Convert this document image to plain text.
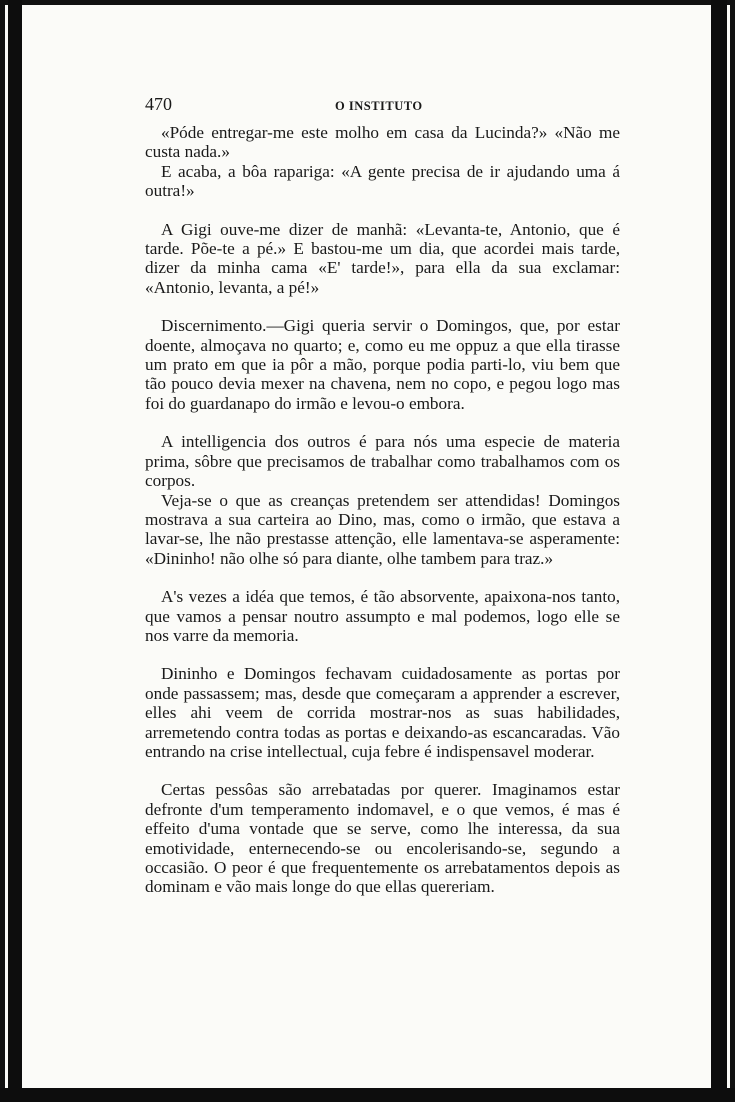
470	O INSTITUTO

«Póde entregar-me este molho em casa da Lucinda?» «Não me custa nada.»

E acaba, a bôa rapariga: «A gente precisa de ir ajudando uma á outra!»

A Gigi ouve-me dizer de manhã: «Levanta-te, Antonio, que é tarde. Põe-te a pé.» E bastou-me um dia, que acordei mais tarde, dizer da minha cama «E' tarde!», para ella da sua exclamar: «Antonio, levanta, a pé!»

Discernimento.—Gigi queria servir o Domingos, que, por estar doente, almoçava no quarto; e, como eu me oppuz a que ella tirasse um prato em que ia pôr a mão, porque podia parti-lo, viu bem que tão pouco devia mexer na chavena, nem no copo, e pegou logo mas foi do guardanapo do irmão e levou-o embora.

A intelligencia dos outros é para nós uma especie de materia prima, sôbre que precisamos de trabalhar como trabalhamos com os corpos.

Veja-se o que as creanças pretendem ser attendidas! Domingos mostrava a sua carteira ao Dino, mas, como o irmão, que estava a lavar-se, lhe não prestasse attenção, elle lamentava-se asperamente: «Dininho! não olhe só para diante, olhe tambem para traz.»

A's vezes a idéa que temos, é tão absorvente, apaixona-nos tanto, que vamos a pensar noutro assumpto e mal podemos, logo elle se nos varre da memoria.

Dininho e Domingos fechavam cuidadosamente as portas por onde passassem; mas, desde que começaram a apprender a escrever, elles ahi veem de corrida mostrar-nos as suas habilidades, arremetendo contra todas as portas e deixando-as escancaradas. Vão entrando na crise intellectual, cuja febre é indispensavel moderar.

Certas pessôas são arrebatadas por querer. Imaginamos estar defronte d'um temperamento indomavel, e o que vemos, é mas é effeito d'uma vontade que se serve, como lhe interessa, da sua emotividade, enternecendo-se ou encolerisando-se, segundo a occasião. O peor é que frequentemente os arrebatamentos depois as dominam e vão mais longe do que ellas quereriam.
